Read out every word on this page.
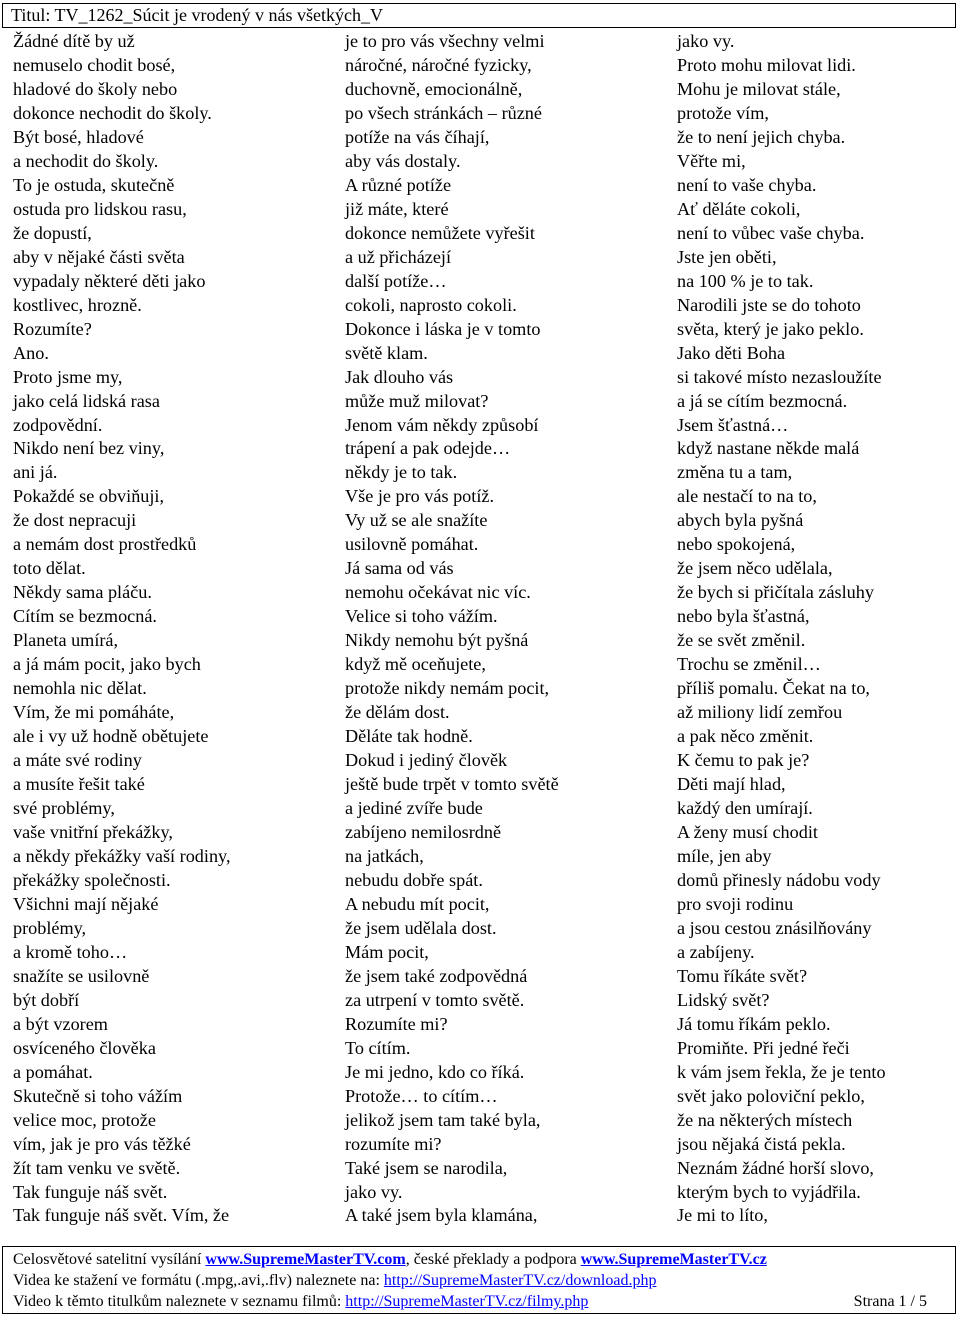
Titul: TV_1262_Súcit je vrodený v nás všetkých_V
Žádné dítě by už
nemuselo chodit bosé,
hladové do školy nebo
dokonce nechodit do školy.
Být bosé, hladové
a nechodit do školy.
To je ostuda, skutečně
ostuda pro lidskou rasu,
že dopustí,
aby v nějaké části světa
vypadaly některé děti jako
kostlivec, hrozně.
Rozumíte?
Ano.
Proto jsme my,
jako celá lidská rasa
zodpovědní.
Nikdo není bez viny,
ani já.
Pokaždé se obviňuji,
že dost nepracuji
a nemám dost prostředků
toto dělat.
Někdy sama pláču.
Cítím se bezmocná.
Planeta umírá,
a já mám pocit, jako bych
nemohla nic dělat.
Vím, že mi pomáháte,
ale i vy už hodně obětujete
a máte své rodiny
a musíte řešit také
své problémy,
vaše vnitřní překážky,
a někdy překážky vaší rodiny,
překážky společnosti.
Všichni mají nějaké
problémy,
a kromě toho…
snažíte se usilovně
být dobří
a být vzorem
osvíceného člověka
a pomáhat.
Skutečně si toho vážím
velice moc, protože
vím, jak je pro vás těžké
žít tam venku ve světě.
Tak funguje náš svět.
Tak funguje náš svět. Vím, že
je to pro vás všechny velmi
náročné, náročné fyzicky,
duchovně, emocionálně,
po všech stránkách – různé
potíže na vás číhají,
aby vás dostaly.
A různé potíže
již máte, které
dokonce nemůžete vyřešit
a už přicházejí
další potíže…
cokoli, naprosto cokoli.
Dokonce i láska je v tomto
světě klam.
Jak dlouho vás
může muž milovat?
Jenom vám někdy způsobí
trápení a pak odejde…
někdy je to tak.
Vše je pro vás potíž.
Vy už se ale snažíte
usilovně pomáhat.
Já sama od vás
nemohu očekávat nic víc.
Velice si toho vážím.
Nikdy nemohu být pyšná
když mě oceňujete,
protože nikdy nemám pocit,
že dělám dost.
Děláte tak hodně.
Dokud i jediný člověk
ještě bude trpět v tomto světě
a jediné zvíře bude
zabíjeno nemilosrdně
na jatkách,
nebudu dobře spát.
A nebudu mít pocit,
že jsem udělala dost.
Mám pocit,
že jsem také zodpovědná
za utrpení v tomto světě.
Rozumíte mi?
To cítím.
Je mi jedno, kdo co říká.
Protože… to cítím…
jelikož jsem tam také byla,
rozumíte mi?
Také jsem se narodila,
jako vy.
A také jsem byla klamána,
jako vy.
Proto mohu milovat lidi.
Mohu je milovat stále,
protože vím,
že to není jejich chyba.
Věřte mi,
není to vaše chyba.
Ať děláte cokoli,
není to vůbec vaše chyba.
Jste jen oběti,
na 100 % je to tak.
Narodili jste se do tohoto
světa, který je jako peklo.
Jako děti Boha
si takové místo nezasloužíte
a já se cítím bezmocná.
Jsem šťastná…
když nastane někde malá
změna tu a tam,
ale nestačí to na to,
abych byla pyšná
nebo spokojená,
že jsem něco udělala,
že bych si přičítala zásluhy
nebo byla šťastná,
že se svět změnil.
Trochu se změnil…
příliš pomalu. Čekat na to,
až miliony lidí zemřou
a pak něco změnit.
K čemu to pak je?
Děti mají hlad,
každý den umírají.
A ženy musí chodit
míle, jen aby
domů přinesly nádobu vody
pro svoji rodinu
a jsou cestou znásilňovány
a zabíjeny.
Tomu říkáte svět?
Lidský svět?
Já tomu říkám peklo.
Promiňte. Při jedné řeči
k vám jsem řekla, že je tento
svět jako poloviční peklo,
že na některých místech
jsou nějaká čistá pekla.
Neznám žádné horší slovo,
kterým bych to vyjádřila.
Je mi to líto,
Celosvětové satelitní vysílání www.SupremeMasterTV.com, české překlady a podpora www.SupremeMasterTV.cz
Videa ke stažení ve formátu (.mpg,.avi,.flv) naleznete na: http://SupremeMasterTV.cz/download.php
Video k těmto titulkům naleznete v seznamu filmů: http://SupremeMasterTV.cz/filmy.php	Strana 1 / 5
